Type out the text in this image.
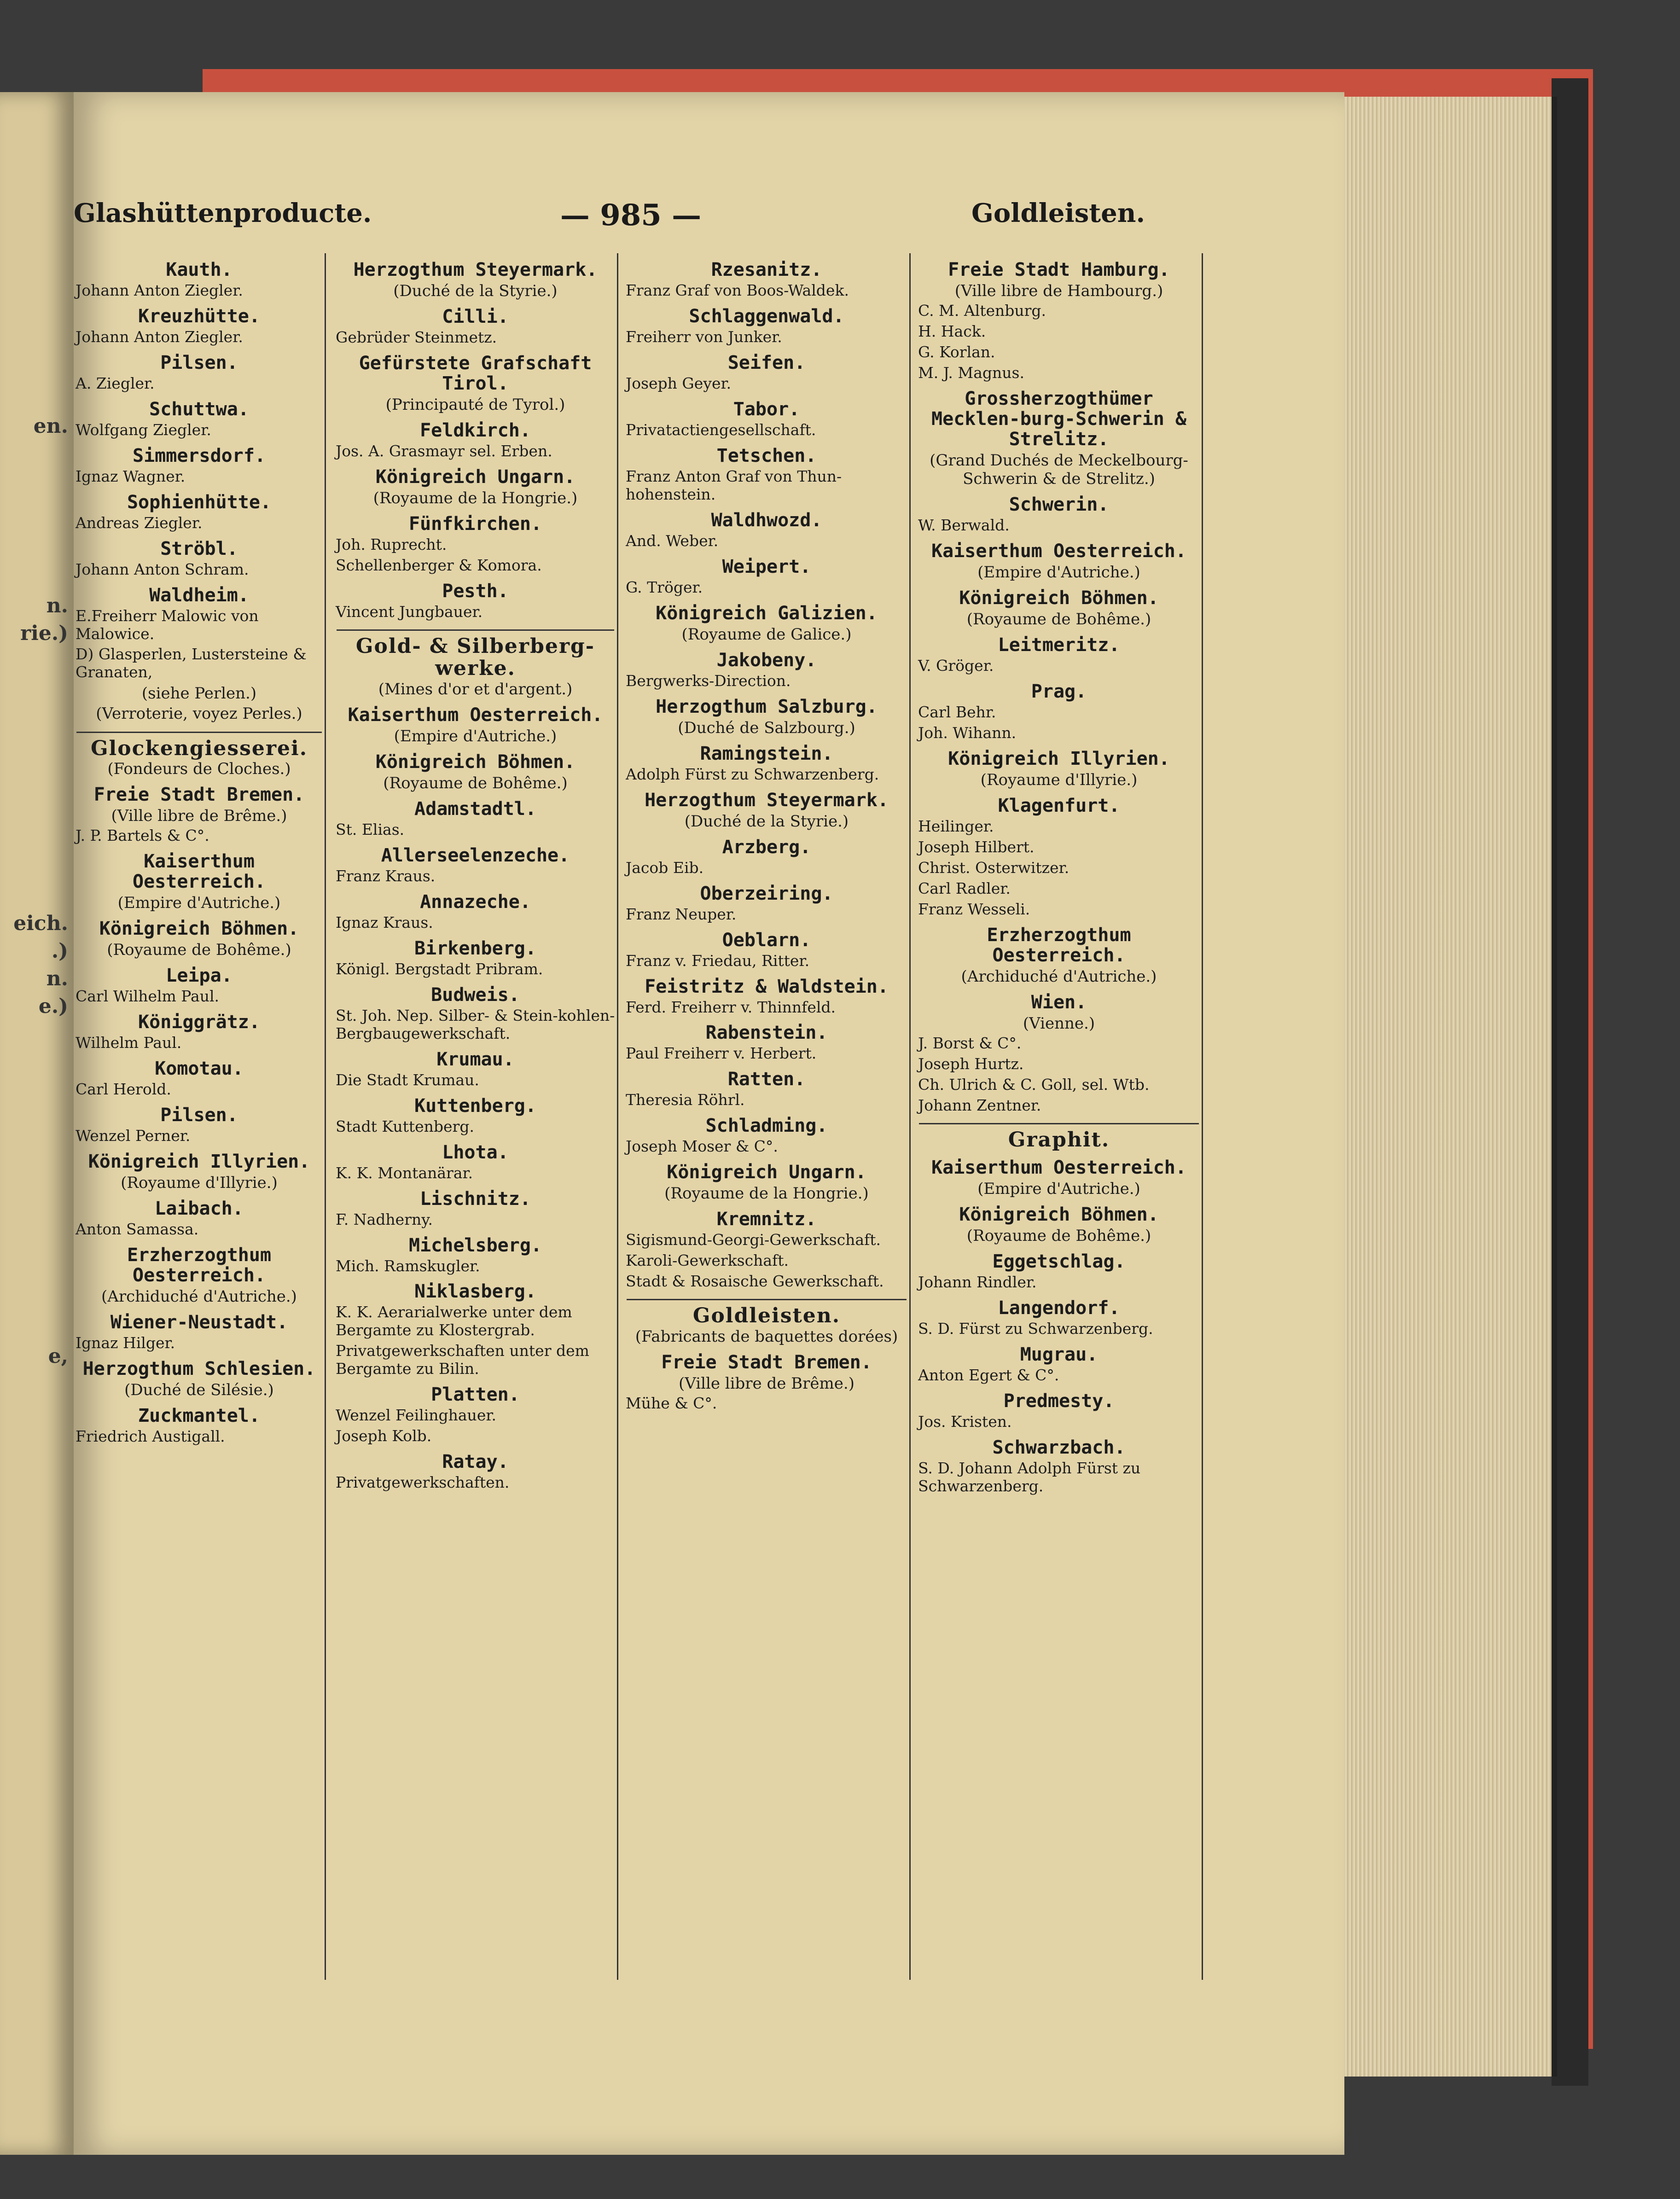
en.
n.
rie.)
eich.
.)
n.
e.)
e,
Glashüttenproducte.	— 985 —	Goldleisten.
Kauth.
Johann Anton Ziegler.
Kreuzhütte.
Johann Anton Ziegler.
Pilsen.
A. Ziegler.
Schuttwa.
Wolfgang Ziegler.
Simmersdorf.
Ignaz Wagner.
Sophienhütte.
Andreas Ziegler.
Ströbl.
Johann Anton Schram.
Waldheim.
E.Freiherr Malowic von Malowice.
D) Glasperlen, Lustersteine & Granaten,
(siehe Perlen.)
(Verroterie, voyez Perles.)
Glockengiesserei.
(Fondeurs de Cloches.)
Freie Stadt Bremen.
(Ville libre de Brême.)
J. P. Bartels & C°.
Kaiserthum Oesterreich.
(Empire d'Autriche.)
Königreich Böhmen.
(Royaume de Bohême.)
Leipa.
Carl Wilhelm Paul.
Königgrätz.
Wilhelm Paul.
Komotau.
Carl Herold.
Pilsen.
Wenzel Perner.
Königreich Illyrien.
(Royaume d'Illyrie.)
Laibach.
Anton Samassa.
Erzherzogthum Oesterreich.
(Archiduché d'Autriche.)
Wiener-Neustadt.
Ignaz Hilger.
Herzogthum Schlesien.
(Duché de Silésie.)
Zuckmantel.
Friedrich Austigall.
Herzogthum Steyermark.
(Duché de la Styrie.)
Cilli.
Gebrüder Steinmetz.
Gefürstete Grafschaft Tirol.
(Principauté de Tyrol.)
Feldkirch.
Jos. A. Grasmayr sel. Erben.
Königreich Ungarn.
(Royaume de la Hongrie.)
Fünfkirchen.
Joh. Ruprecht.
Schellenberger & Komora.
Pesth.
Vincent Jungbauer.
Gold- & Silberberg-werke.
(Mines d'or et d'argent.)
Kaiserthum Oesterreich.
(Empire d'Autriche.)
Königreich Böhmen.
(Royaume de Bohême.)
Adamstadtl.
St. Elias.
Allerseelenzeche.
Franz Kraus.
Annazeche.
Ignaz Kraus.
Birkenberg.
Königl. Bergstadt Pribram.
Budweis.
St. Joh. Nep. Silber- & Stein-kohlen-Bergbaugewerkschaft.
Krumau.
Die Stadt Krumau.
Kuttenberg.
Stadt Kuttenberg.
Lhota.
K. K. Montanärar.
Lischnitz.
F. Nadherny.
Michelsberg.
Mich. Ramskugler.
Niklasberg.
K. K. Aerarialwerke unter dem Bergamte zu Klostergrab.
Privatgewerkschaften unter dem Bergamte zu Bilin.
Platten.
Wenzel Feilinghauer.
Joseph Kolb.
Ratay.
Privatgewerkschaften.
Rzesanitz.
Franz Graf von Boos-Waldek.
Schlaggenwald.
Freiherr von Junker.
Seifen.
Joseph Geyer.
Tabor.
Privatactiengesellschaft.
Tetschen.
Franz Anton Graf von Thun-hohenstein.
Waldhwozd.
And. Weber.
Weipert.
G. Tröger.
Königreich Galizien.
(Royaume de Galice.)
Jakobeny.
Bergwerks-Direction.
Herzogthum Salzburg.
(Duché de Salzbourg.)
Ramingstein.
Adolph Fürst zu Schwarzenberg.
Herzogthum Steyermark.
(Duché de la Styrie.)
Arzberg.
Jacob Eib.
Oberzeiring.
Franz Neuper.
Oeblarn.
Franz v. Friedau, Ritter.
Feistritz & Waldstein.
Ferd. Freiherr v. Thinnfeld.
Rabenstein.
Paul Freiherr v. Herbert.
Ratten.
Theresia Röhrl.
Schladming.
Joseph Moser & C°.
Königreich Ungarn.
(Royaume de la Hongrie.)
Kremnitz.
Sigismund-Georgi-Gewerkschaft.
Karoli-Gewerkschaft.
Stadt & Rosaische Gewerkschaft.
Goldleisten.
(Fabricants de baquettes dorées)
Freie Stadt Bremen.
(Ville libre de Brême.)
Mühe & C°.
Freie Stadt Hamburg.
(Ville libre de Hambourg.)
C. M. Altenburg.
H. Hack.
G. Korlan.
M. J. Magnus.
Grossherzogthümer Mecklen-burg-Schwerin & Strelitz.
(Grand Duchés de Meckelbourg-Schwerin & de Strelitz.)
Schwerin.
W. Berwald.
Kaiserthum Oesterreich.
(Empire d'Autriche.)
Königreich Böhmen.
(Royaume de Bohême.)
Leitmeritz.
V. Gröger.
Prag.
Carl Behr.
Joh. Wihann.
Königreich Illyrien.
(Royaume d'Illyrie.)
Klagenfurt.
Heilinger.
Joseph Hilbert.
Christ. Osterwitzer.
Carl Radler.
Franz Wesseli.
Erzherzogthum Oesterreich.
(Archiduché d'Autriche.)
Wien.
(Vienne.)
J. Borst & C°.
Joseph Hurtz.
Ch. Ulrich & C. Goll, sel. Wtb.
Johann Zentner.
Graphit.
Kaiserthum Oesterreich.
(Empire d'Autriche.)
Königreich Böhmen.
(Royaume de Bohême.)
Eggetschlag.
Johann Rindler.
Langendorf.
S. D. Fürst zu Schwarzenberg.
Mugrau.
Anton Egert & C°.
Predmesty.
Jos. Kristen.
Schwarzbach.
S. D. Johann Adolph Fürst zu Schwarzenberg.
